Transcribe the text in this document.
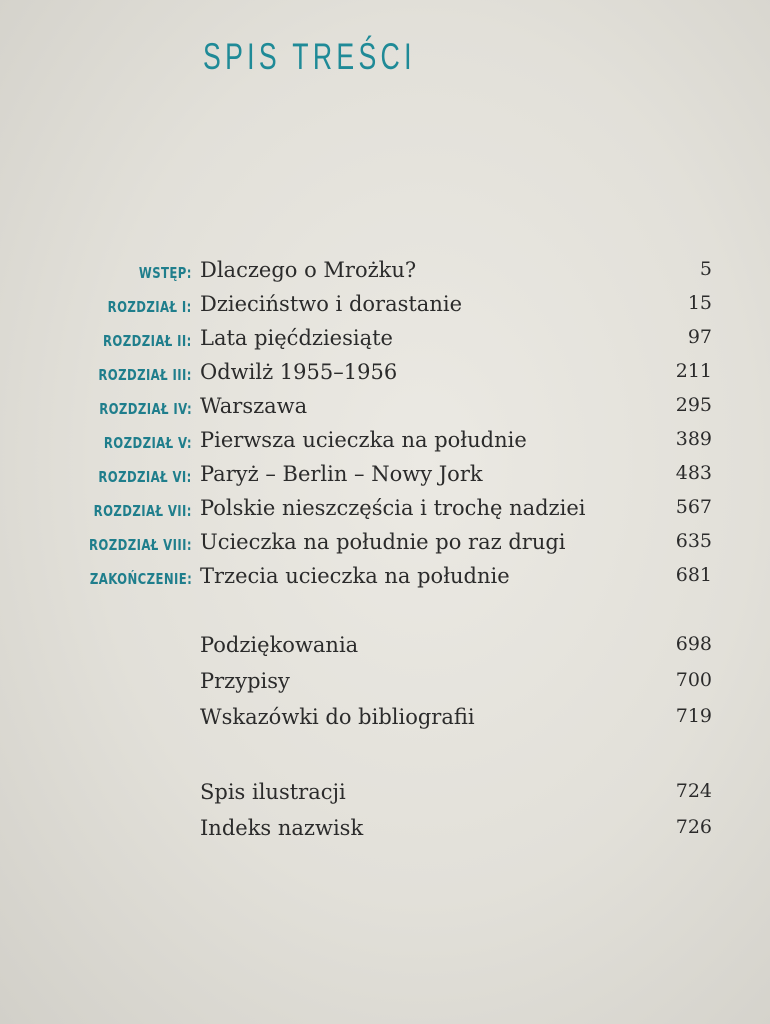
SPIS TREŚCI
WSTĘP: Dlaczego o Mrożku?	5
ROZDZIAŁ I: Dzieciństwo i dorastanie	15
ROZDZIAŁ II: Lata pięćdziesiąte	97
ROZDZIAŁ III: Odwilż 1955–1956	211
ROZDZIAŁ IV: Warszawa	295
ROZDZIAŁ V: Pierwsza ucieczka na południe	389
ROZDZIAŁ VI: Paryż – Berlin – Nowy Jork	483
ROZDZIAŁ VII: Polskie nieszczęścia i trochę nadziei	567
ROZDZIAŁ VIII: Ucieczka na południe po raz drugi	635
ZAKOŃCZENIE: Trzecia ucieczka na południe	681
Podziękowania	698
Przypisy	700
Wskazówki do bibliografii	719
Spis ilustracji	724
Indeks nazwisk	726
